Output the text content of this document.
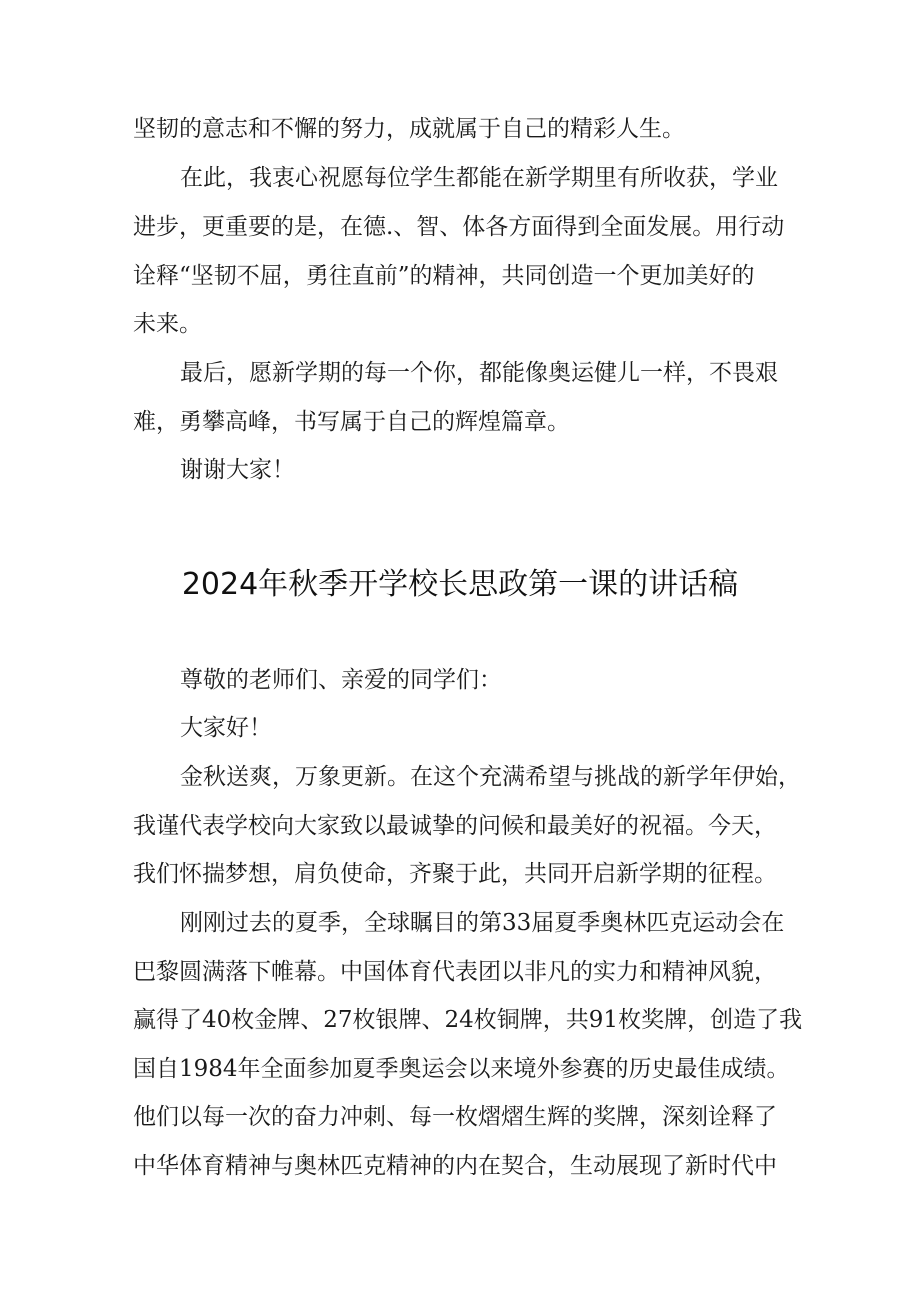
坚韧的意志和不懈的努力，成就属于自己的精彩人生。
在此，我衷心祝愿每位学生都能在新学期里有所收获，学业
进步，更重要的是，在德.、智、体各方面得到全面发展。用行动
诠释“坚韧不屈，勇往直前”的精神，共同创造一个更加美好的
未来。
最后，愿新学期的每一个你，都能像奥运健儿一样，不畏艰
难，勇攀高峰，书写属于自己的辉煌篇章。
谢谢大家！
2024年秋季开学校长思政第一课的讲话稿
尊敬的老师们、亲爱的同学们：
大家好！
金秋送爽，万象更新。在这个充满希望与挑战的新学年伊始，
我谨代表学校向大家致以最诚挚的问候和最美好的祝福。今天，
我们怀揣梦想，肩负使命，齐聚于此，共同开启新学期的征程。
刚刚过去的夏季，全球瞩目的第33届夏季奥林匹克运动会在
巴黎圆满落下帷幕。中国体育代表团以非凡的实力和精神风貌，
赢得了40枚金牌、27枚银牌、24枚铜牌，共91枚奖牌，创造了我
国自1984年全面参加夏季奥运会以来境外参赛的历史最佳成绩。
他们以每一次的奋力冲刺、每一枚熠熠生辉的奖牌，深刻诠释了
中华体育精神与奥林匹克精神的内在契合，生动展现了新时代中
